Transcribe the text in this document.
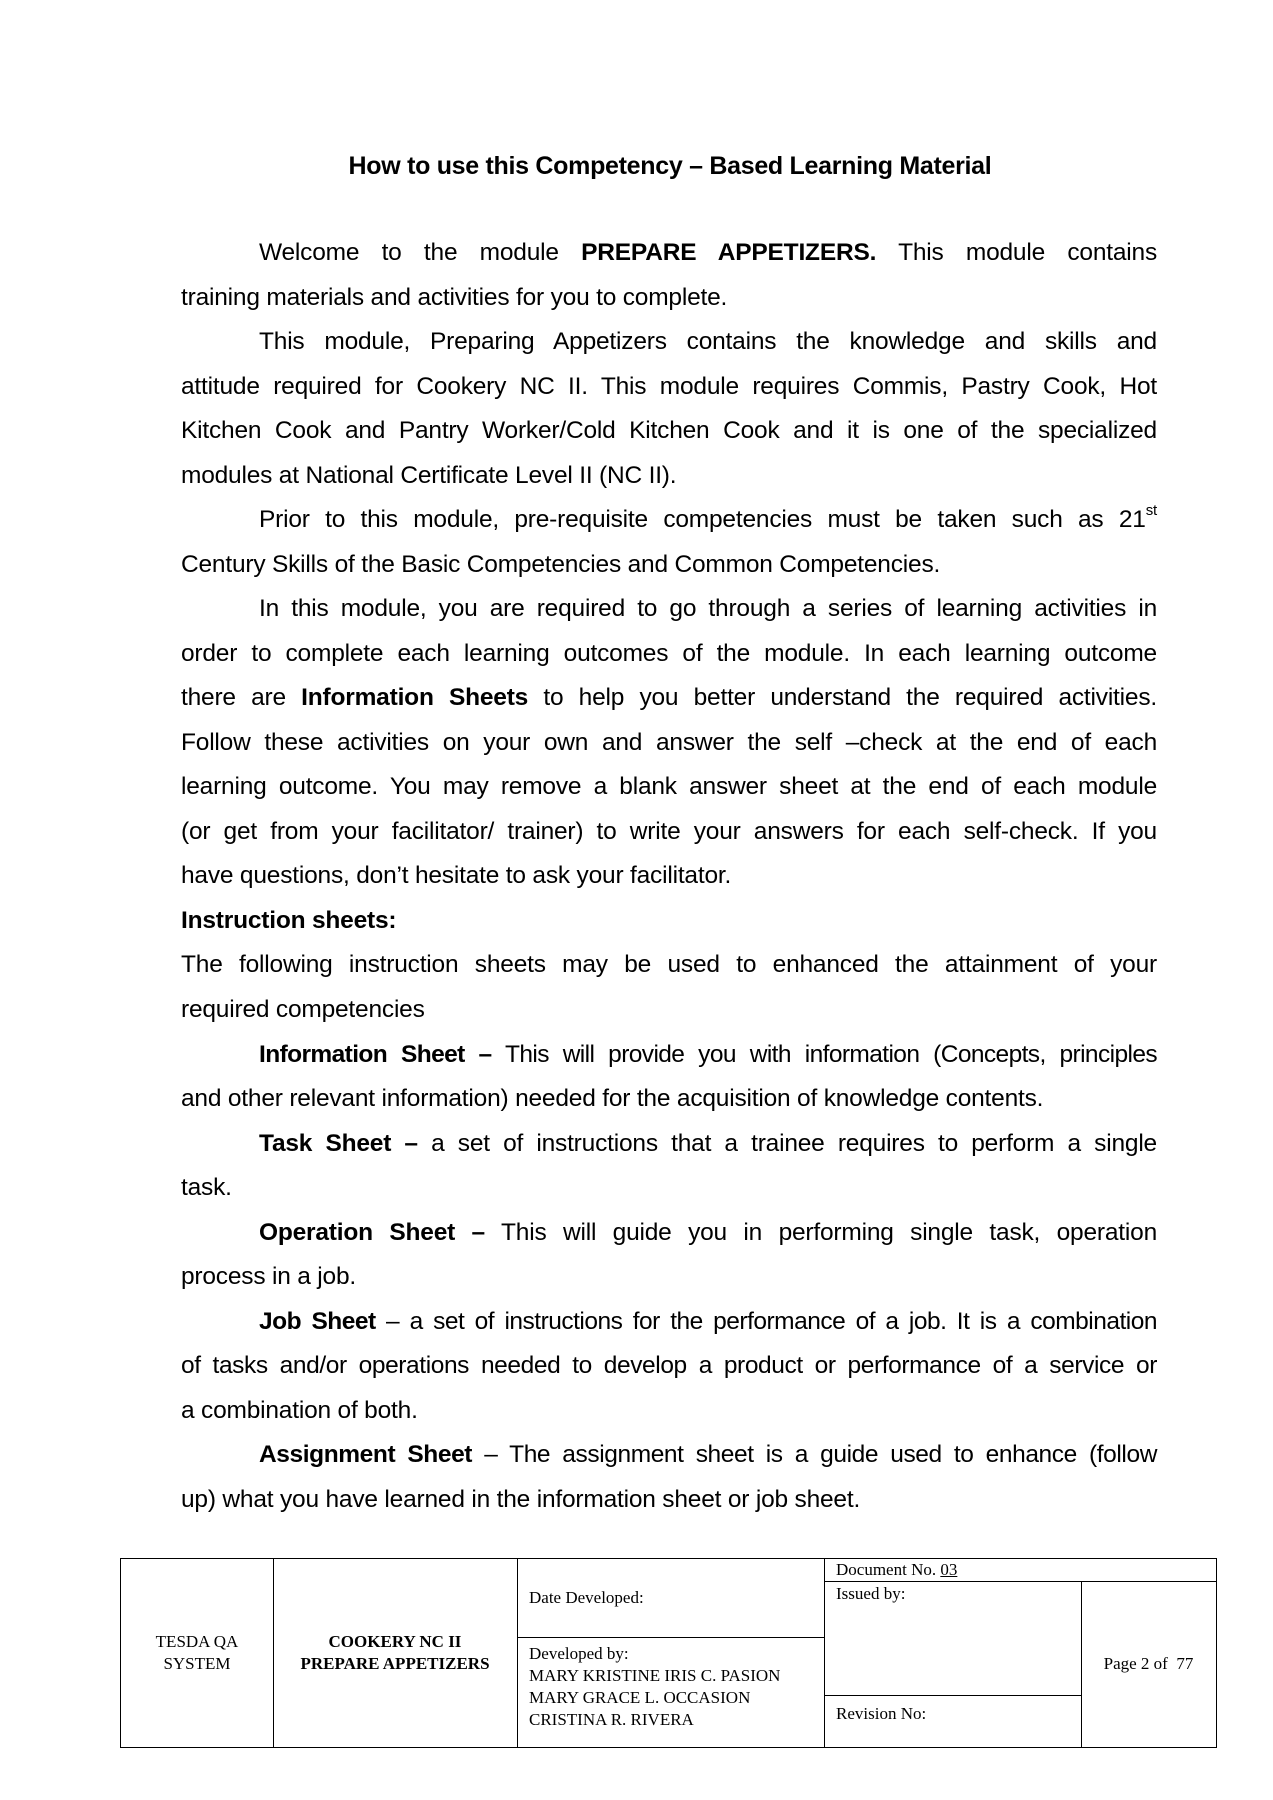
How to use this Competency – Based Learning Material
Welcome to the module PREPARE APPETIZERS. This module contains
training materials and activities for you to complete.
This module, Preparing Appetizers contains the knowledge and skills and
attitude required for Cookery NC II. This module requires Commis, Pastry Cook, Hot
Kitchen Cook and Pantry Worker/Cold Kitchen Cook and it is one of the specialized
modules at National Certificate Level II (NC II).
Prior to this module, pre-requisite competencies must be taken such as 21st
Century Skills of the Basic Competencies and Common Competencies.
In this module, you are required to go through a series of learning activities in
order to complete each learning outcomes of the module. In each learning outcome
there are Information Sheets to help you better understand the required activities.
Follow these activities on your own and answer the self –check at the end of each
learning outcome. You may remove a blank answer sheet at the end of each module
(or get from your facilitator/ trainer) to write your answers for each self-check. If you
have questions, don’t hesitate to ask your facilitator.
Instruction sheets:
The following instruction sheets may be used to enhanced the attainment of your
required competencies
Information Sheet – This will provide you with information (Concepts, principles
and other relevant information) needed for the acquisition of knowledge contents.
Task Sheet – a set of instructions that a trainee requires to perform a single
task.
Operation Sheet – This will guide you in performing single task, operation
process in a job.
Job Sheet – a set of instructions for the performance of a job. It is a combination
of tasks and/or operations needed to develop a product or performance of a service or
a combination of both.
Assignment Sheet – The assignment sheet is a guide used to enhance (follow
up) what you have learned in the information sheet or job sheet.
TESDA QA
SYSTEM
COOKERY NC II
PREPARE APPETIZERS
Date Developed:
Developed by:
MARY KRISTINE IRIS C. PASION
MARY GRACE L. OCCASION
CRISTINA R. RIVERA
Document No. 03
Issued by:
Revision No:
Page 2 of  77
